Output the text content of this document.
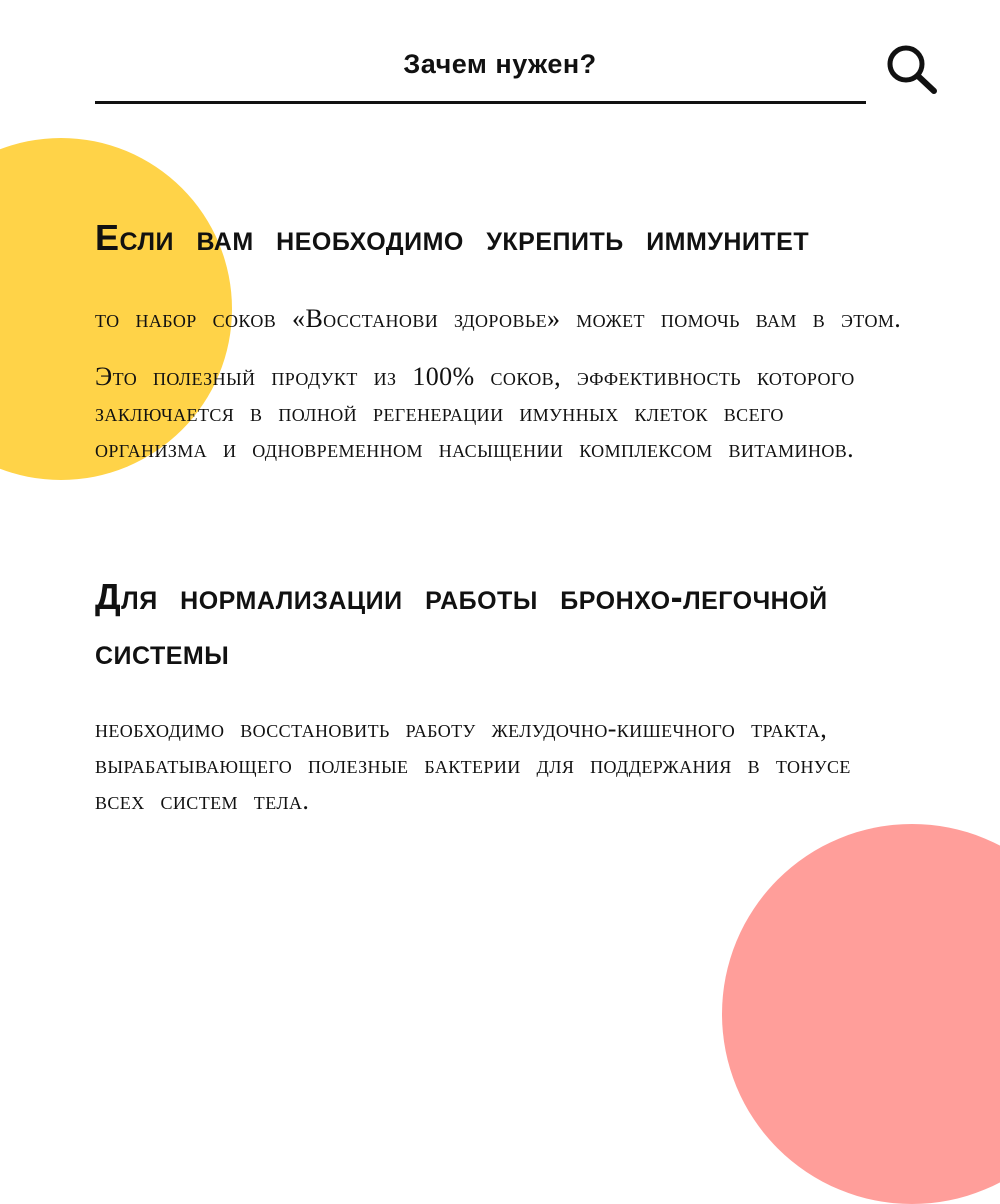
Зачем нужен?
Если вам необходимо укрепить иммунитет

то набор соков «Восстанови здоровье» может помочь вам в этом.

Это полезный продукт из 100% соков, эффективность которого заключается в полной регенерации имунных клеток всего организма и одновременном насыщении комплексом витаминов.

Для нормализации работы бронхо-легочной системы

необходимо восстановить работу желудочно-кишечного тракта, вырабатывающего полезные бактерии для поддержания в тонусе всех систем тела.
